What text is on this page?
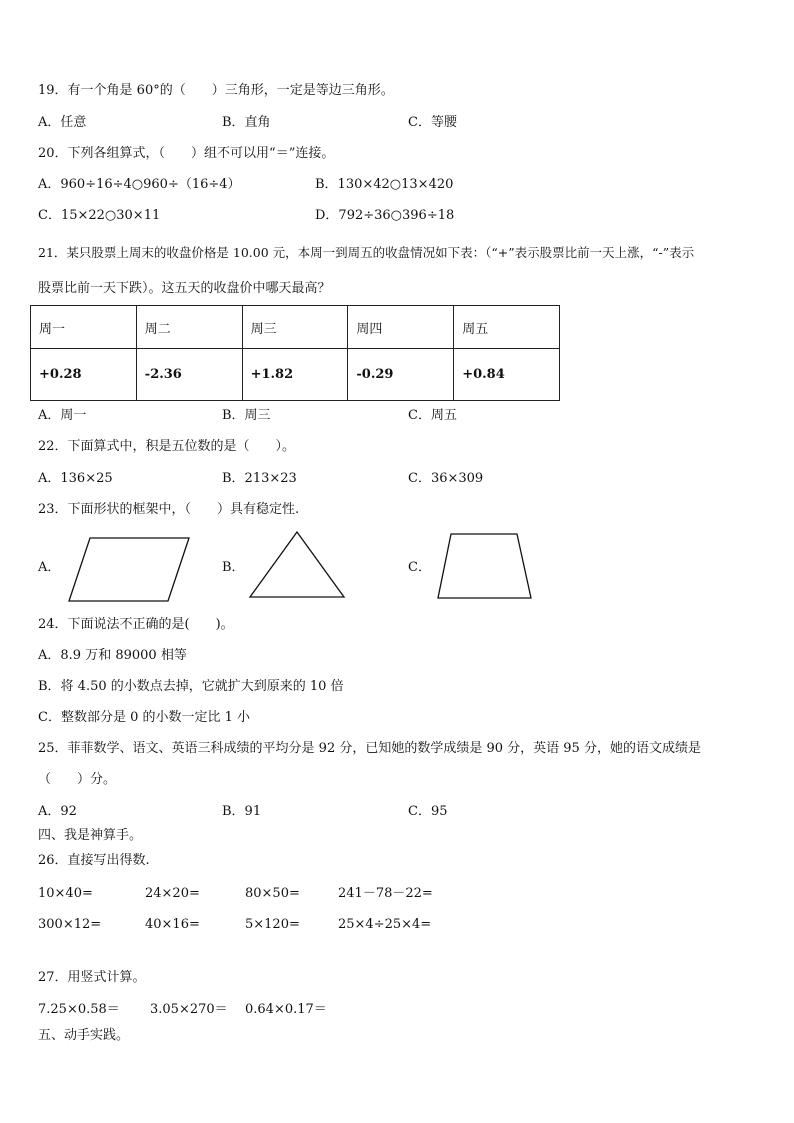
19．有一个角是 60°的（　　）三角形，一定是等边三角形。
A．任意	B．直角	C．等腰
20．下列各组算式，（　　）组不可以用“＝”连接。
A．960÷16÷4○960÷（16÷4）	B．130×42○13×420
C．15×22○30×11	D．792÷36○396÷18
21．某只股票上周末的收盘价格是 10.00 元，本周一到周五的收盘情况如下表：（“+”表示股票比前一天上涨，“-”表示
股票比前一天下跌）。这五天的收盘价中哪天最高？
周一	周二	周三	周四	周五
+0.28	-2.36	+1.82	-0.29	+0.84
A．周一	B．周三	C．周五
22．下面算式中，积是五位数的是（　　）。
A．136×25	B．213×23	C．36×309
23．下面形状的框架中，（　　）具有稳定性.
A．	B．	C．
24．下面说法不正确的是(　　)。
A．8.9 万和 89000 相等
B．将 4.50 的小数点去掉，它就扩大到原来的 10 倍
C．整数部分是 0 的小数一定比 1 小
25．菲菲数学、语文、英语三科成绩的平均分是 92 分，已知她的数学成绩是 90 分，英语 95 分，她的语文成绩是
（　　）分。
A．92	B．91	C．95
四、我是神算手。
26．直接写出得数.
10×40=	24×20=	80×50=	241－78－22=
300×12=	40×16=	5×120=	25×4÷25×4=
27．用竖式计算。
7.25×0.58＝ 3.05×270＝ 0.64×0.17＝
五、动手实践。
